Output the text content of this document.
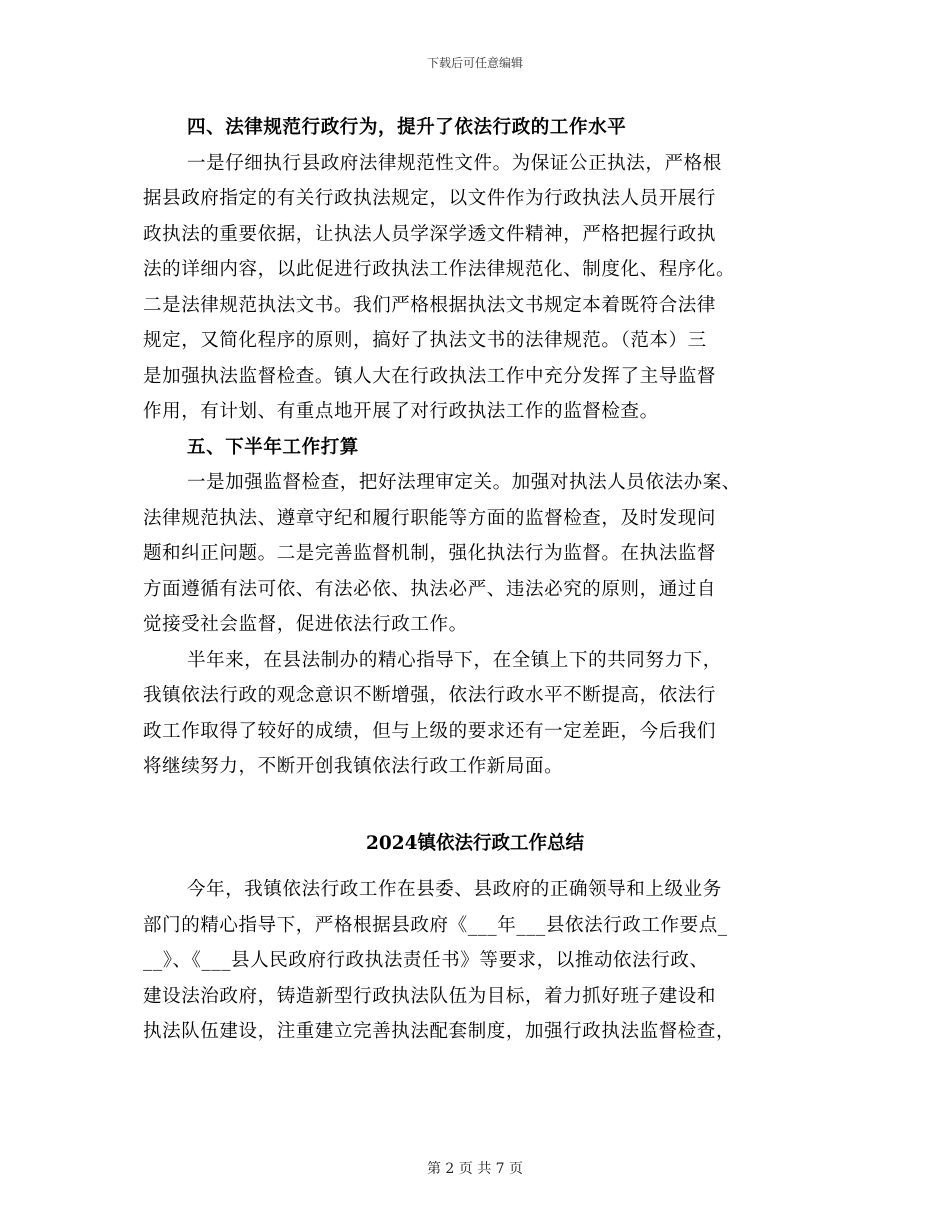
下载后可任意编辑
四、法律规范行政行为，提升了依法行政的工作水平
一是仔细执行县政府法律规范性文件。为保证公正执法，严格根
据县政府指定的有关行政执法规定，以文件作为行政执法人员开展行
政执法的重要依据，让执法人员学深学透文件精神，严格把握行政执
法的详细内容，以此促进行政执法工作法律规范化、制度化、程序化。
二是法律规范执法文书。我们严格根据执法文书规定本着既符合法律
规定，又简化程序的原则，搞好了执法文书的法律规范。（范本）三
是加强执法监督检查。镇人大在行政执法工作中充分发挥了主导监督
作用，有计划、有重点地开展了对行政执法工作的监督检查。
五、下半年工作打算
一是加强监督检查，把好法理审定关。加强对执法人员依法办案、
法律规范执法、遵章守纪和履行职能等方面的监督检查，及时发现问
题和纠正问题。二是完善监督机制，强化执法行为监督。在执法监督
方面遵循有法可依、有法必依、执法必严、违法必究的原则，通过自
觉接受社会监督，促进依法行政工作。
半年来，在县法制办的精心指导下，在全镇上下的共同努力下，
我镇依法行政的观念意识不断增强，依法行政水平不断提高，依法行
政工作取得了较好的成绩，但与上级的要求还有一定差距，今后我们
将继续努力，不断开创我镇依法行政工作新局面。
2024镇依法行政工作总结
今年，我镇依法行政工作在县委、县政府的正确领导和上级业务
部门的精心指导下，严格根据县政府《___年___县依法行政工作要点_
__》、《___县人民政府行政执法责任书》等要求，以推动依法行政、
建设法治政府，铸造新型行政执法队伍为目标，着力抓好班子建设和
执法队伍建设，注重建立完善执法配套制度，加强行政执法监督检查，
第 2 页 共 7 页
